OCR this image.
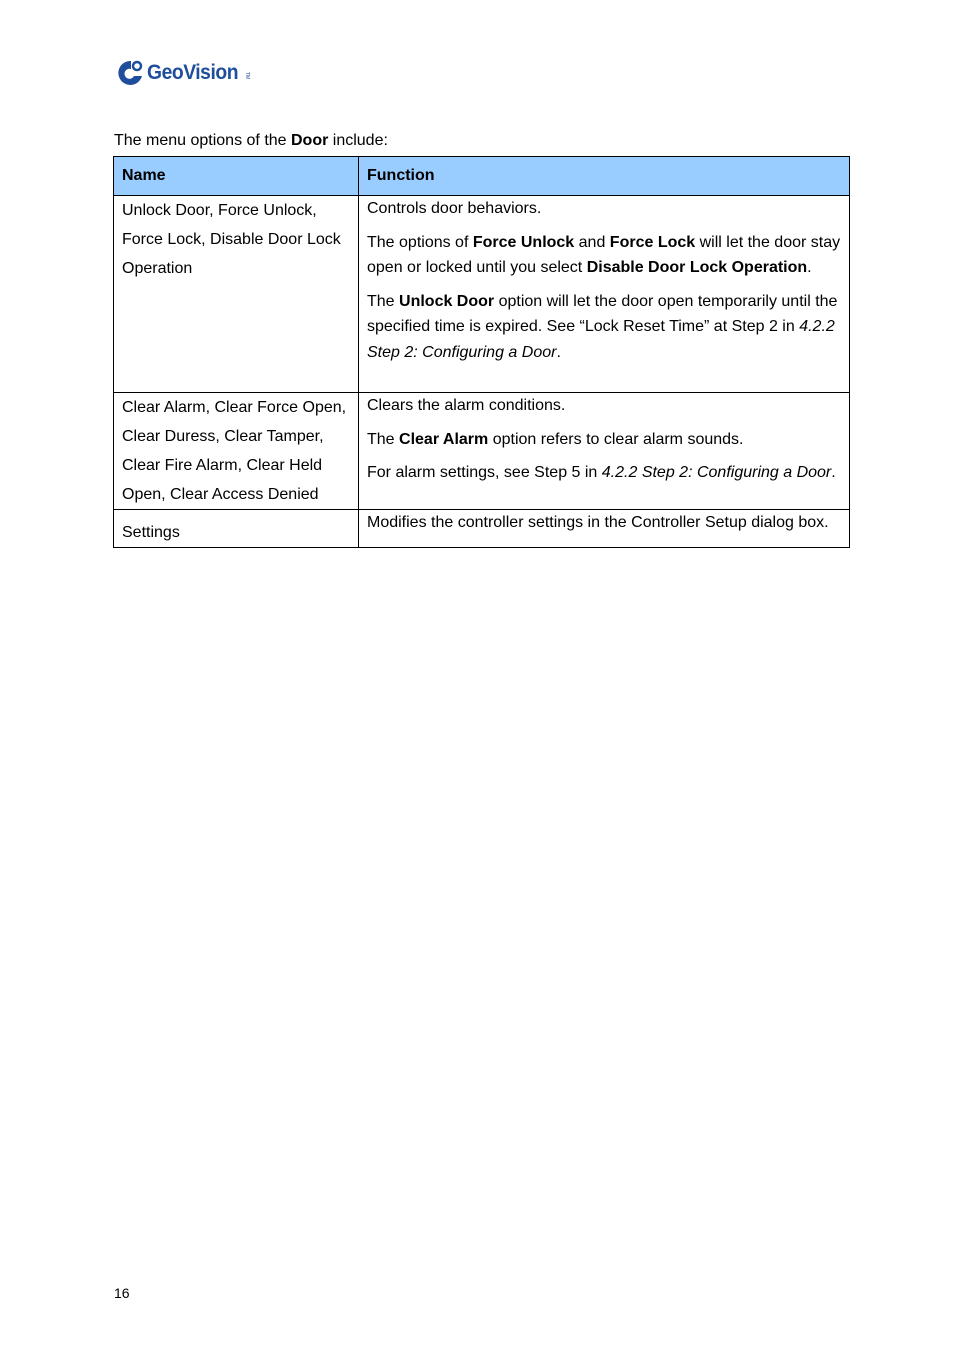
GeoVision TM
The menu options of the Door include:
Name	Function
Unlock Door, Force Unlock, Force Lock, Disable Door Lock Operation	Controls door behaviors.

The options of Force Unlock and Force Lock will let the door stay open or locked until you select Disable Door Lock Operation.

The Unlock Door option will let the door open temporarily until the specified time is expired. See “Lock Reset Time” at Step 2 in 4.2.2 Step 2: Configuring a Door.

Clear Alarm, Clear Force Open, Clear Duress, Clear Tamper, Clear Fire Alarm, Clear Held Open, Clear Access Denied	Clears the alarm conditions.

The Clear Alarm option refers to clear alarm sounds.

For alarm settings, see Step 5 in 4.2.2 Step 2: Configuring a Door.

Settings	Modifies the controller settings in the Controller Setup dialog box.

16
